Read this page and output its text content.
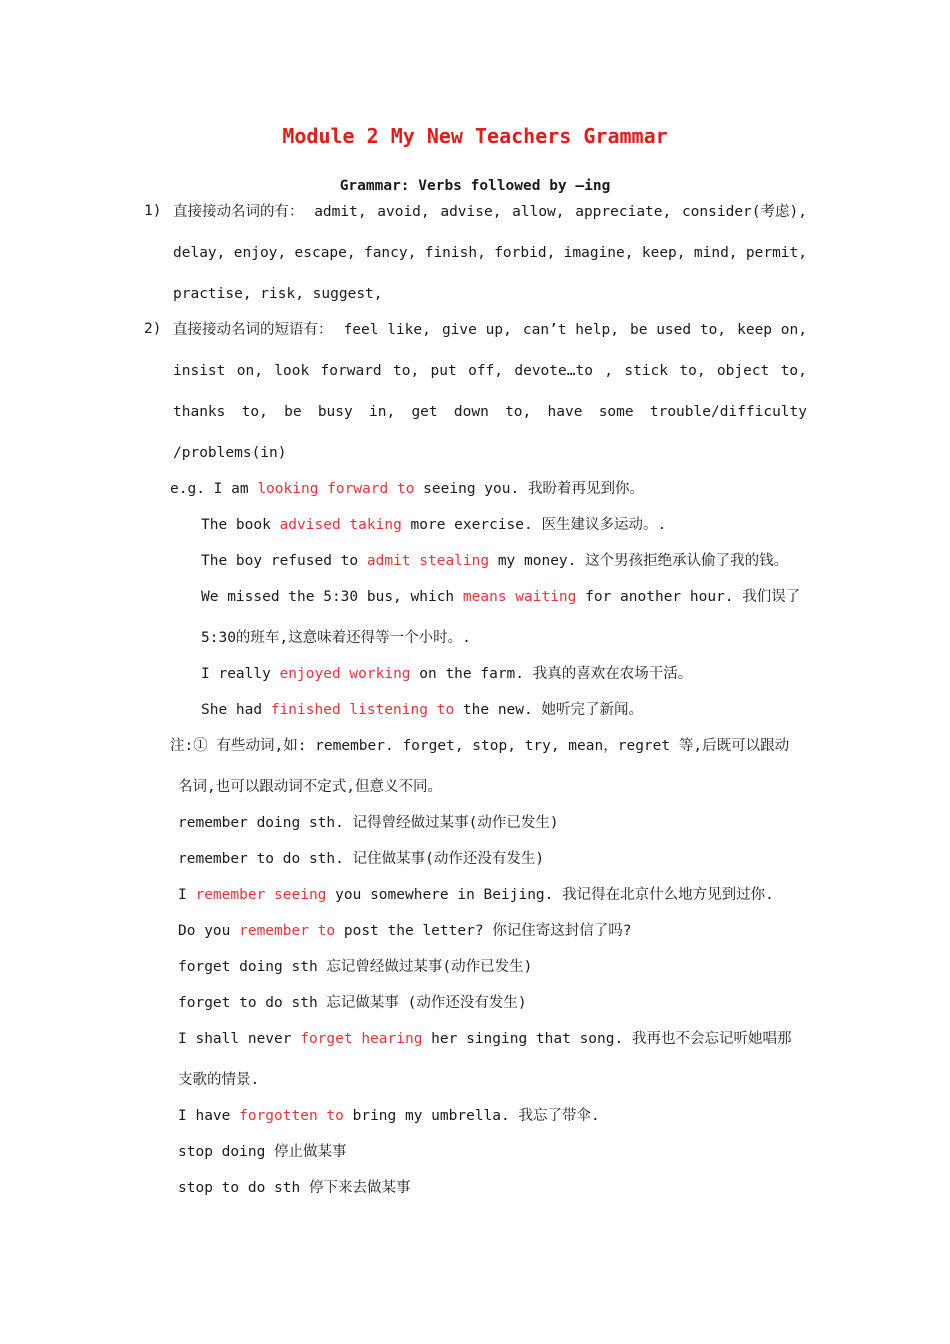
Module 2 My New Teachers Grammar
Grammar: Verbs followed by –ing
1) 直接接动名词的有： admit, avoid, advise, allow, appreciate, consider(考虑),
delay, enjoy, escape, fancy, finish, forbid, imagine, keep, mind, permit,
practise, risk, suggest,
2) 直接接动名词的短语有： feel like, give up, can’t help, be used to, keep on,
insist on, look forward to, put off, devote…to , stick to, object to,
thanks to, be busy in, get down to, have some trouble/difficulty
/problems(in)
e.g. I am looking forward to seeing you. 我盼着再见到你。
The book advised taking more exercise. 医生建议多运动。.
The boy refused to admit stealing my money. 这个男孩拒绝承认偷了我的钱。
We missed the 5:30 bus, which means waiting for another hour. 我们误了
5:30的班车,这意味着还得等一个小时。.
I really enjoyed working on the farm. 我真的喜欢在农场干活。
She had finished listening to the new. 她听完了新闻。
注:① 有些动词,如: remember. forget, stop, try, mean，regret 等,后既可以跟动
名词,也可以跟动词不定式,但意义不同。
remember doing sth. 记得曾经做过某事(动作已发生)
remember to do sth. 记住做某事(动作还没有发生)
I remember seeing you somewhere in Beijing. 我记得在北京什么地方见到过你.
Do you remember to post the letter? 你记住寄这封信了吗?
forget doing sth 忘记曾经做过某事(动作已发生)
forget to do sth 忘记做某事 (动作还没有发生)
I shall never forget hearing her singing that song. 我再也不会忘记听她唱那
支歌的情景.
I have forgotten to bring my umbrella. 我忘了带伞.
stop doing 停止做某事
stop to do sth 停下来去做某事
